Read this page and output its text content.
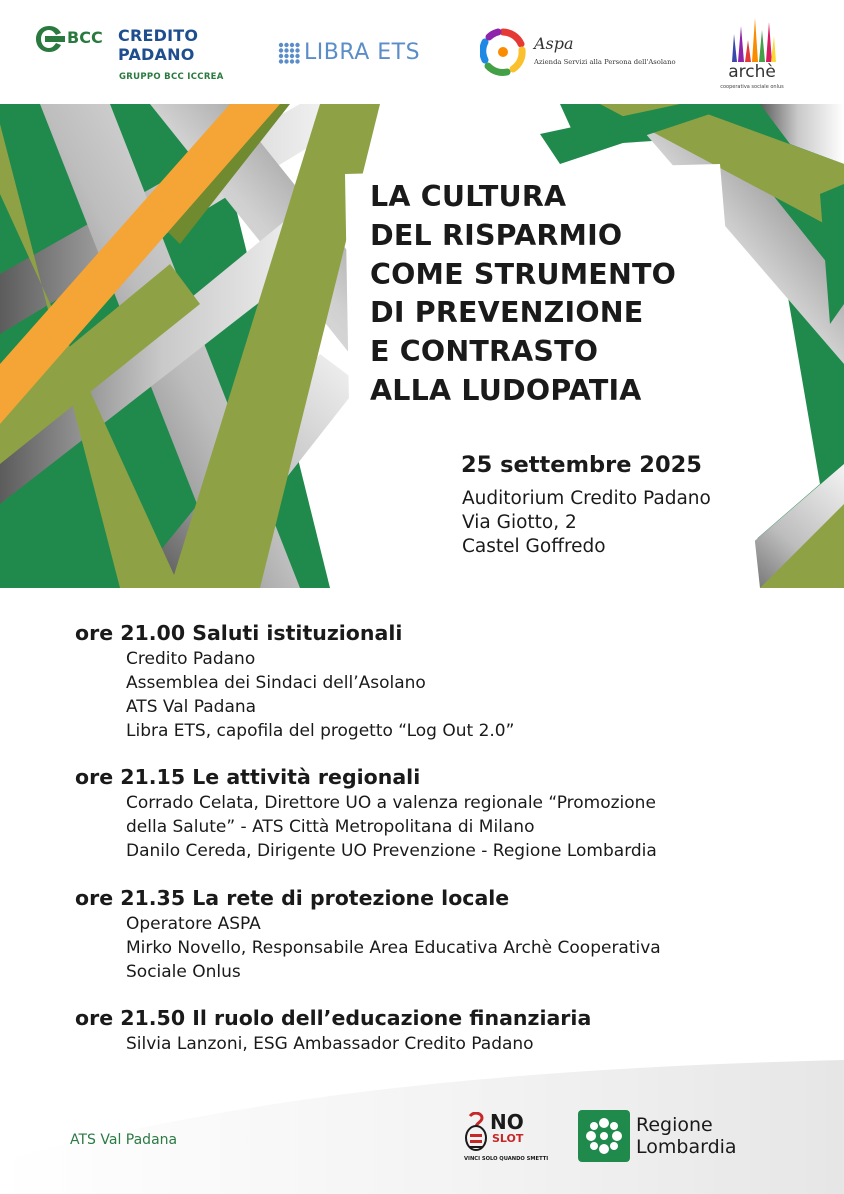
BCC CREDITO
PADANO
GRUPPO BCC ICCREA
LIBRA ETS	Aspa
Azienda Servizi alla Persona dell'Asolano	archè
cooperativa sociale onlus
LA CULTURA
DEL RISPARMIO
COME STRUMENTO
DI PREVENZIONE
E CONTRASTO
ALLA LUDOPATIA
25 settembre 2025
Auditorium Credito Padano
Via Giotto, 2
Castel Goffredo
ore 21.00 Saluti istituzionali
Credito Padano
Assemblea dei Sindaci dell’Asolano
ATS Val Padana
Libra ETS, capofila del progetto “Log Out 2.0”
ore 21.15 Le attività regionali
Corrado Celata, Direttore UO a valenza regionale “Promozione
della Salute” - ATS Città Metropolitana di Milano
Danilo Cereda, Dirigente UO Prevenzione - Regione Lombardia
ore 21.35 La rete di protezione locale
Operatore ASPA
Mirko Novello, Responsabile Area Educativa Archè Cooperativa
Sociale Onlus
ore 21.50 Il ruolo dell’educazione finanziaria
Silvia Lanzoni, ESG Ambassador Credito Padano
ATS Val Padana
NO
SLOT
VINCI SOLO QUANDO SMETTI
Regione
Lombardia
